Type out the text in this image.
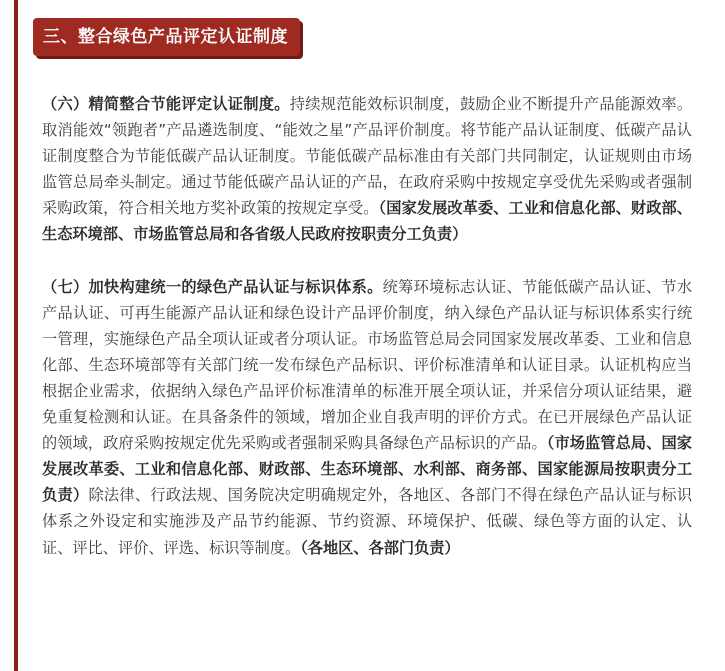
三、整合绿色产品评定认证制度

（六）精简整合节能评定认证制度。持续规范能效标识制度，鼓励企业不断提升产品能源效率。取消能效“领跑者”产品遴选制度、“能效之星”产品评价制度。将节能产品认证制度、低碳产品认证制度整合为节能低碳产品认证制度。节能低碳产品标准由有关部门共同制定，认证规则由市场监管总局牵头制定。通过节能低碳产品认证的产品，在政府采购中按规定享受优先采购或者强制采购政策，符合相关地方奖补政策的按规定享受。（国家发展改革委、工业和信息化部、财政部、生态环境部、市场监管总局和各省级人民政府按职责分工负责）

（七）加快构建统一的绿色产品认证与标识体系。统筹环境标志认证、节能低碳产品认证、节水产品认证、可再生能源产品认证和绿色设计产品评价制度，纳入绿色产品认证与标识体系实行统一管理，实施绿色产品全项认证或者分项认证。市场监管总局会同国家发展改革委、工业和信息化部、生态环境部等有关部门统一发布绿色产品标识、评价标准清单和认证目录。认证机构应当根据企业需求，依据纳入绿色产品评价标准清单的标准开展全项认证，并采信分项认证结果，避免重复检测和认证。在具备条件的领域，增加企业自我声明的评价方式。在已开展绿色产品认证的领域，政府采购按规定优先采购或者强制采购具备绿色产品标识的产品。（市场监管总局、国家发展改革委、工业和信息化部、财政部、生态环境部、水利部、商务部、国家能源局按职责分工负责）除法律、行政法规、国务院决定明确规定外，各地区、各部门不得在绿色产品认证与标识体系之外设定和实施涉及产品节约能源、节约资源、环境保护、低碳、绿色等方面的认定、认证、评比、评价、评选、标识等制度。（各地区、各部门负责）
